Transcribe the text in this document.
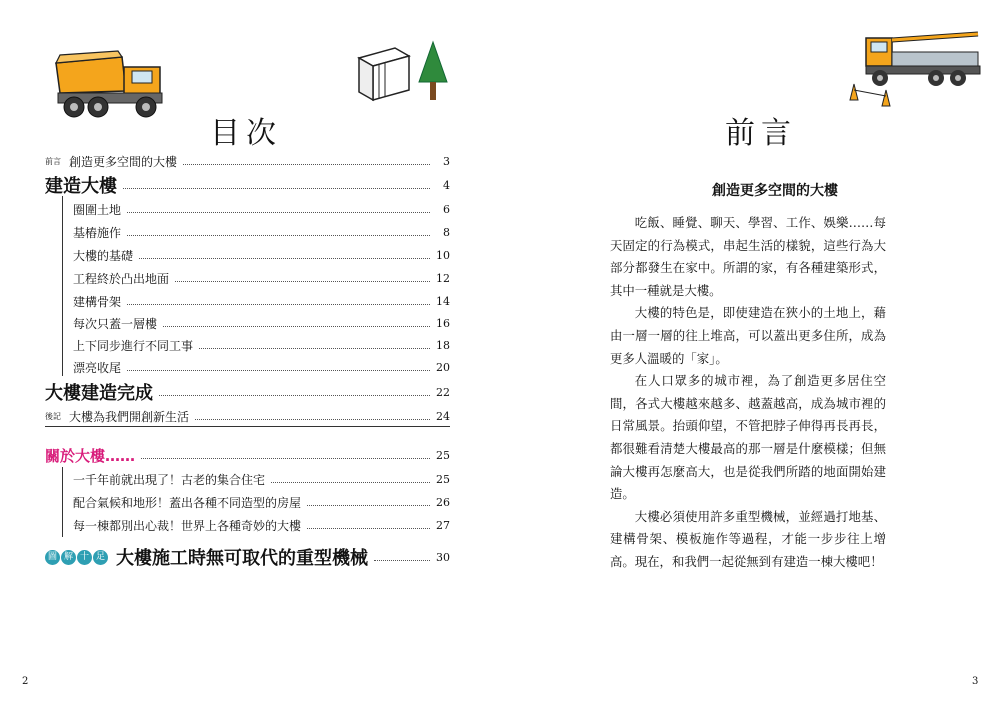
目次
前言 創造更多空間的大樓	3
建造大樓	4
圈圍土地	6
基樁施作	8
大樓的基礎	10
工程終於凸出地面	12
建構骨架	14
每次只蓋一層樓	16
上下同步進行不同工事	18
漂亮收尾	20
大樓建造完成	22
後記 大樓為我們開創新生活	24
關於大樓……	25
一千年前就出現了！古老的集合住宅	25
配合氣候和地形！蓋出各種不同造型的房屋	26
每一棟都別出心裁！世界上各種奇妙的大樓	27
圖 解 十 足 大樓施工時無可取代的重型機械	30
2
前言
創造更多空間的大樓

吃飯、睡覺、聊天、學習、工作、娛樂……每天固定的行為模式，串起生活的樣貌，這些行為大部分都發生在家中。所謂的家，有各種建築形式，其中一種就是大樓。

大樓的特色是，即使建造在狹小的土地上，藉由一層一層的往上堆高，可以蓋出更多住所，成為更多人溫暖的「家」。

在人口眾多的城市裡，為了創造更多居住空間，各式大樓越來越多、越蓋越高，成為城市裡的日常風景。抬頭仰望，不管把脖子伸得再長再長，都很難看清楚大樓最高的那一層是什麼模樣；但無論大樓再怎麼高大，也是從我們所踏的地面開始建造。

大樓必須使用許多重型機械，並經過打地基、建構骨架、模板施作等過程，才能一步步往上增高。現在，和我們一起從無到有建造一棟大樓吧！

3
